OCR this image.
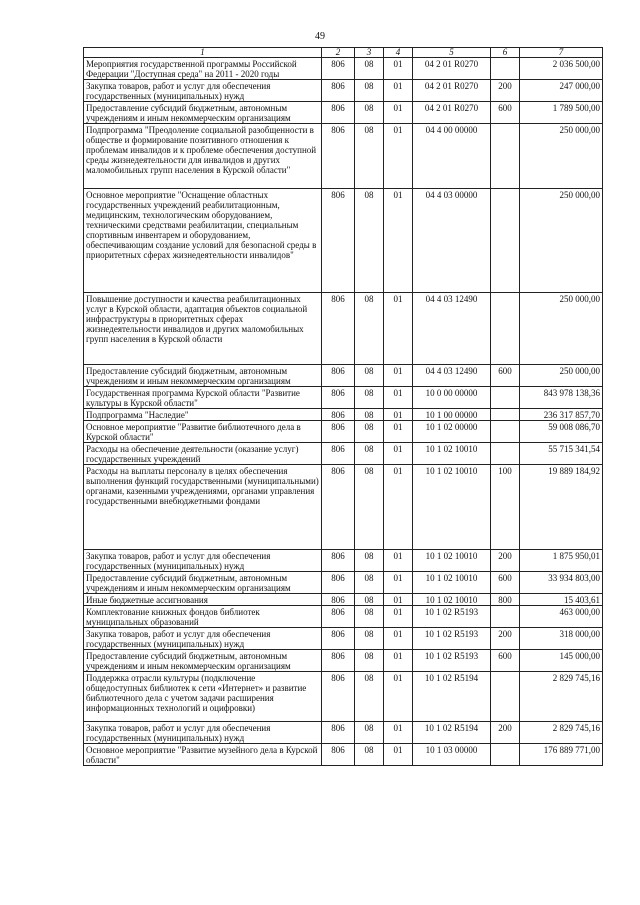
49
1	2	3	4	5	6	7
Мероприятия государственной программы Российской Федерации "Доступная среда" на 2011 - 2020 годы	806	08	01	04 2 01 R0270		2 036 500,00
Закупка товаров, работ и услуг для обеспечения государственных (муниципальных) нужд	806	08	01	04 2 01 R0270	200	247 000,00
Предоставление субсидий бюджетным, автономным учреждениям и иным некоммерческим организациям	806	08	01	04 2 01 R0270	600	1 789 500,00
Подпрограмма "Преодоление социальной разобщенности в обществе и формирование позитивного отношения к проблемам инвалидов и к проблеме обеспечения доступной среды жизнедеятельности для инвалидов и других маломобильных групп населения в Курской области"	806	08	01	04 4 00 00000		250 000,00
Основное мероприятие "Оснащение областных государственных учреждений реабилитационным, медицинским, технологическим оборудованием, техническими средствами реабилитации, специальным спортивным инвентарем и оборудованием, обеспечивающим создание условий для безопасной среды в приоритетных сферах жизнедеятельности инвалидов"	806	08	01	04 4 03 00000		250 000,00
Повышение доступности и качества реабилитационных услуг в Курской области, адаптация объектов социальной инфраструктуры в приоритетных сферах жизнедеятельности инвалидов и других маломобильных групп населения в Курской области	806	08	01	04 4 03 12490		250 000,00
Предоставление субсидий бюджетным, автономным учреждениям и иным некоммерческим организациям	806	08	01	04 4 03 12490	600	250 000,00
Государственная программа Курской области "Развитие культуры в Курской области"	806	08	01	10 0 00 00000		843 978 138,36
Подпрограмма "Наследие"	806	08	01	10 1 00 00000		236 317 857,70
Основное мероприятие "Развитие библиотечного дела в Курской области"	806	08	01	10 1 02 00000		59 008 086,70
Расходы на обеспечение деятельности (оказание услуг) государственных учреждений	806	08	01	10 1 02 10010		55 715 341,54
Расходы на выплаты персоналу в целях обеспечения выполнения функций государственными (муниципальными) органами, казенными учреждениями, органами управления государственными внебюджетными фондами	806	08	01	10 1 02 10010	100	19 889 184,92
Закупка товаров, работ и услуг для обеспечения государственных (муниципальных) нужд	806	08	01	10 1 02 10010	200	1 875 950,01
Предоставление субсидий бюджетным, автономным учреждениям и иным некоммерческим организациям	806	08	01	10 1 02 10010	600	33 934 803,00
Иные бюджетные ассигнования	806	08	01	10 1 02 10010	800	15 403,61
Комплектование книжных фондов библиотек муниципальных образований	806	08	01	10 1 02 R5193		463 000,00
Закупка товаров, работ и услуг для обеспечения государственных (муниципальных) нужд	806	08	01	10 1 02 R5193	200	318 000,00
Предоставление субсидий бюджетным, автономным учреждениям и иным некоммерческим организациям	806	08	01	10 1 02 R5193	600	145 000,00
Поддержка отрасли культуры (подключение общедоступных библиотек к сети «Интернет» и развитие библиотечного дела с учетом задачи расширения информационных технологий и оцифровки)	806	08	01	10 1 02 R5194		2 829 745,16
Закупка товаров, работ и услуг для обеспечения государственных (муниципальных) нужд	806	08	01	10 1 02 R5194	200	2 829 745,16
Основное мероприятие "Развитие музейного дела в Курской области"	806	08	01	10 1 03 00000		176 889 771,00
